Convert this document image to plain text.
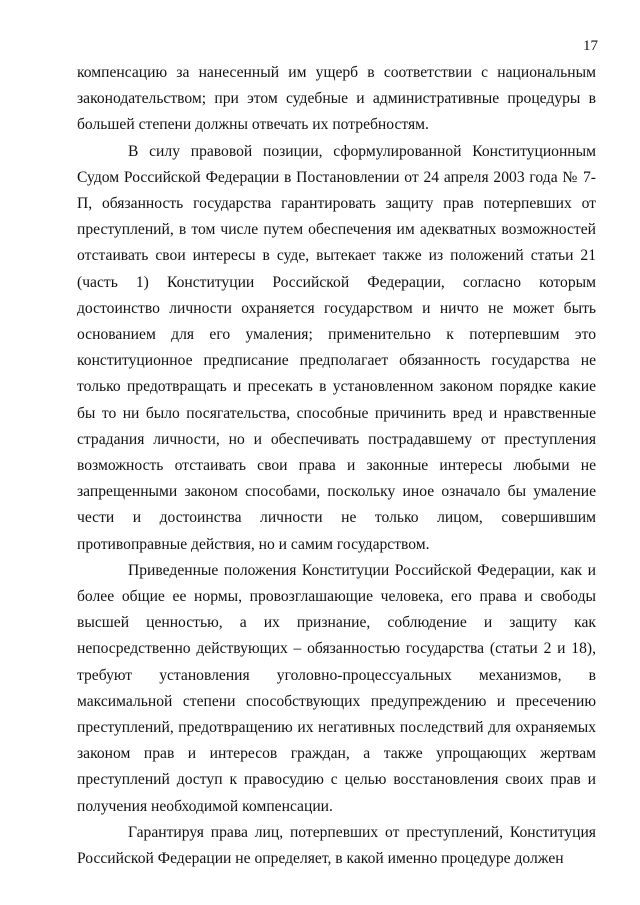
17

компенсацию за нанесенный им ущерб в соответствии с национальным законодательством; при этом судебные и административные процедуры в большей степени должны отвечать их потребностям.

В силу правовой позиции, сформулированной Конституционным Судом Российской Федерации в Постановлении от 24 апреля 2003 года № 7-П, обязанность государства гарантировать защиту прав потерпевших от преступлений, в том числе путем обеспечения им адекватных возможностей отстаивать свои интересы в суде, вытекает также из положений статьи 21 (часть 1) Конституции Российской Федерации, согласно которым достоинство личности охраняется государством и ничто не может быть основанием для его умаления; применительно к потерпевшим это конституционное предписание предполагает обязанность государства не только предотвращать и пресекать в установленном законом порядке какие бы то ни было посягательства, способные причинить вред и нравственные страдания личности, но и обеспечивать пострадавшему от преступления возможность отстаивать свои права и законные интересы любыми не запрещенными законом способами, поскольку иное означало бы умаление чести и достоинства личности не только лицом, совершившим противоправные действия, но и самим государством.

Приведенные положения Конституции Российской Федерации, как и более общие ее нормы, провозглашающие человека, его права и свободы высшей ценностью, а их признание, соблюдение и защиту как непосредственно действующих – обязанностью государства (статьи 2 и 18), требуют установления уголовно-процессуальных механизмов, в максимальной степени способствующих предупреждению и пресечению преступлений, предотвращению их негативных последствий для охраняемых законом прав и интересов граждан, а также упрощающих жертвам преступлений доступ к правосудию с целью восстановления своих прав и получения необходимой компенсации.

Гарантируя права лиц, потерпевших от преступлений, Конституция Российской Федерации не определяет, в какой именно процедуре должен
